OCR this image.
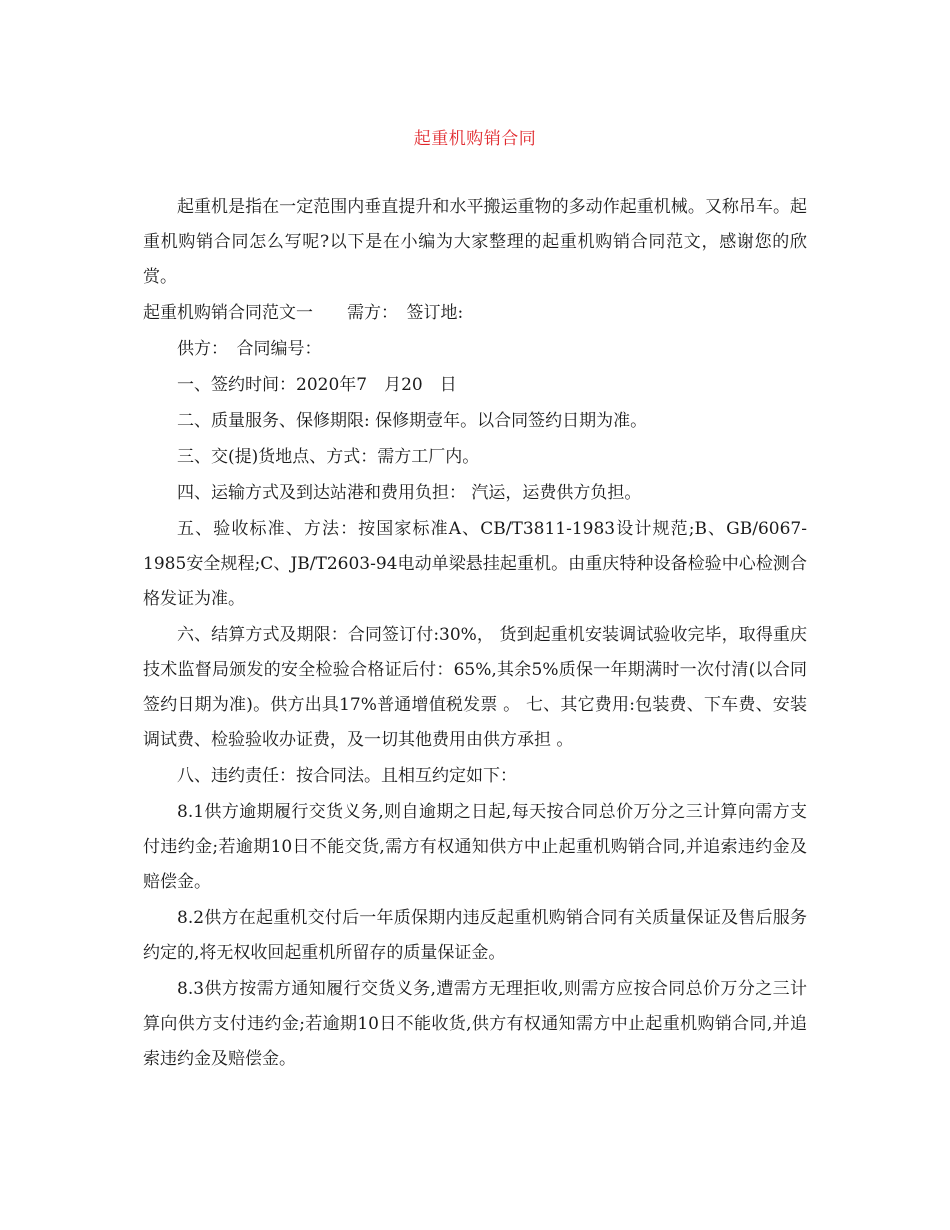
起重机购销合同

起重机是指在一定范围内垂直提升和水平搬运重物的多动作起重机械。又称吊车。起重机购销合同怎么写呢?以下是在小编为大家整理的起重机购销合同范文，感谢您的欣赏。

起重机购销合同范文一　　需方：　签订地:

供方：　合同编号：

一、签约时间：2020年7　月20　日

二、质量服务、保修期限: 保修期壹年。以合同签约日期为准。

三、交(提)货地点、方式：需方工厂内。

四、运输方式及到达站港和费用负担： 汽运，运费供方负担。

五、验收标准、方法：按国家标准A、CB/T3811-1983设计规范;B、GB/6067-1985安全规程;C、JB/T2603-94电动单梁悬挂起重机。由重庆特种设备检验中心检测合格发证为准。

六、结算方式及期限：合同签订付:30%， 货到起重机安装调试验收完毕，取得重庆技术监督局颁发的安全检验合格证后付：65%,其余5%质保一年期满时一次付清(以合同签约日期为准)。供方出具17%普通增值税发票 。 七、其它费用:包装费、下车费、安装调试费、检验验收办证费，及一切其他费用由供方承担 。

八、违约责任：按合同法。且相互约定如下：

8.1供方逾期履行交货义务,则自逾期之日起,每天按合同总价万分之三计算向需方支付违约金;若逾期10日不能交货,需方有权通知供方中止起重机购销合同,并追索违约金及赔偿金。

8.2供方在起重机交付后一年质保期内违反起重机购销合同有关质量保证及售后服务约定的,将无权收回起重机所留存的质量保证金。

8.3供方按需方通知履行交货义务,遭需方无理拒收,则需方应按合同总价万分之三计算向供方支付违约金;若逾期10日不能收货,供方有权通知需方中止起重机购销合同,并追索违约金及赔偿金。
